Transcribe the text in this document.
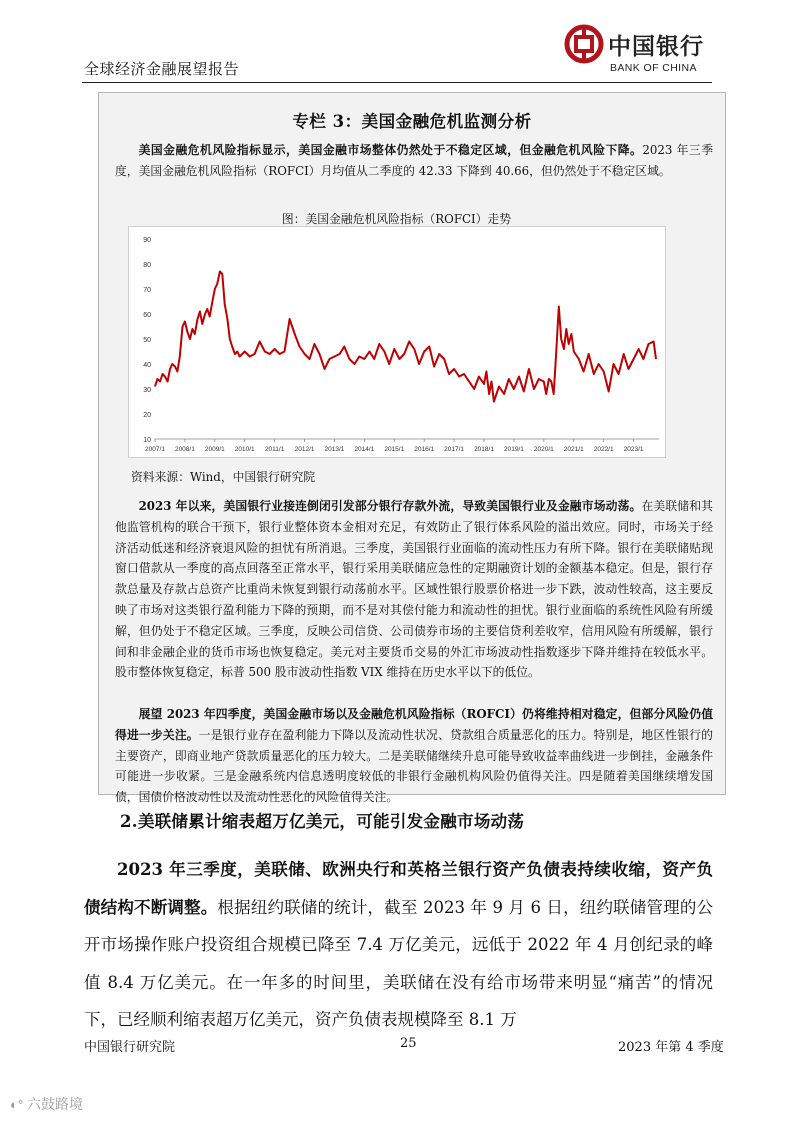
全球经济金融展望报告
中国银行
BANK OF CHINA
专栏 3：美国金融危机监测分析

美国金融危机风险指标显示，美国金融市场整体仍然处于不稳定区域，但金融危机风险下降。2023 年三季度，美国金融危机风险指标（ROFCI）月均值从二季度的 42.33 下降到 40.66，但仍然处于不稳定区域。

图：美国金融危机风险指标（ROFCI）走势
10
20
30
40
50
60
70
80
90
2007/1 2008/1 2009/1 2010/1 2011/1 2012/1 2013/1 2014/1 2015/1 2016/1 2017/1 2018/1 2019/1 2020/1 2021/1 2022/1 2023/1
资料来源：Wind，中国银行研究院

2023 年以来，美国银行业接连倒闭引发部分银行存款外流，导致美国银行业及金融市场动荡。在美联储和其他监管机构的联合干预下，银行业整体资本金相对充足，有效防止了银行体系风险的溢出效应。同时，市场关于经济活动低迷和经济衰退风险的担忧有所消退。三季度，美国银行业面临的流动性压力有所下降。银行在美联储贴现窗口借款从一季度的高点回落至正常水平，银行采用美联储应急性的定期融资计划的金额基本稳定。但是，银行存款总量及存款占总资产比重尚未恢复到银行动荡前水平。区域性银行股票价格进一步下跌，波动性较高，这主要反映了市场对这类银行盈利能力下降的预期，而不是对其偿付能力和流动性的担忧。银行业面临的系统性风险有所缓解，但仍处于不稳定区域。三季度，反映公司信贷、公司债券市场的主要信贷利差收窄，信用风险有所缓解，银行间和非金融企业的货币市场也恢复稳定。美元对主要货币交易的外汇市场波动性指数逐步下降并维持在较低水平。股市整体恢复稳定，标普 500 股市波动性指数 VIX 维持在历史水平以下的低位。

展望 2023 年四季度，美国金融市场以及金融危机风险指标（ROFCI）仍将维持相对稳定，但部分风险仍值得进一步关注。一是银行业存在盈利能力下降以及流动性状况、贷款组合质量恶化的压力。特别是，地区性银行的主要资产，即商业地产贷款质量恶化的压力较大。二是美联储继续升息可能导致收益率曲线进一步倒挂，金融条件可能进一步收紧。三是金融系统内信息透明度较低的非银行金融机构风险仍值得关注。四是随着美国继续增发国债，国债价格波动性以及流动性恶化的风险值得关注。

2.美联储累计缩表超万亿美元，可能引发金融市场动荡

2023 年三季度，美联储、欧洲央行和英格兰银行资产负债表持续收缩，资产负债结构不断调整。根据纽约联储的统计，截至 2023 年 9 月 6 日，纽约联储管理的公开市场操作账户投资组合规模已降至 7.4 万亿美元，远低于 2022 年 4 月创纪录的峰值 8.4 万亿美元。在一年多的时间里，美联储在没有给市场带来明显“痛苦”的情况下，已经顺利缩表超万亿美元，资产负债表规模降至 8.1 万

中国银行研究院	25	2023 年第 4 季度
◐° 六鼓路境
